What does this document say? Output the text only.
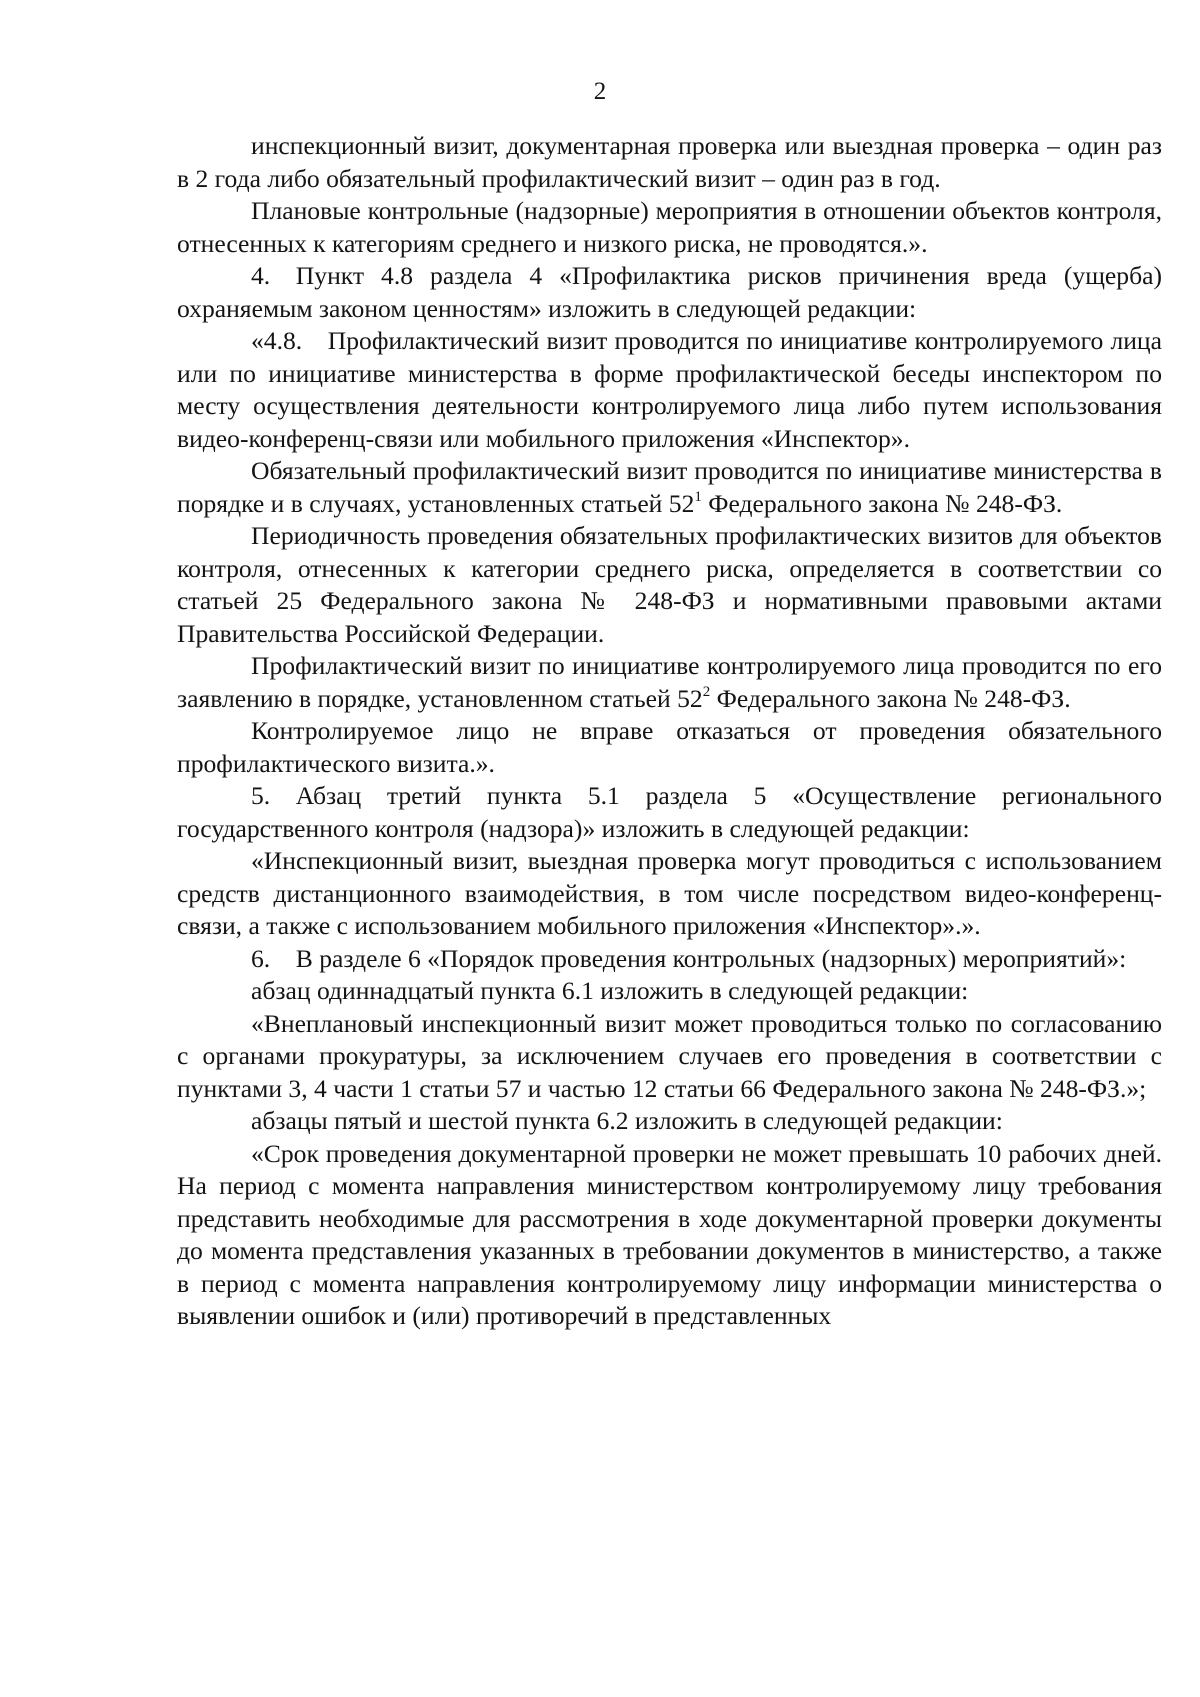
2

инспекционный визит, документарная проверка или выездная проверка – один раз в 2 года либо обязательный профилактический визит – один раз в год.

Плановые контрольные (надзорные) мероприятия в отношении объектов контроля, отнесенных к категориям среднего и низкого риска, не проводятся.».

4. Пункт 4.8 раздела 4 «Профилактика рисков причинения вреда (ущерба) охраняемым законом ценностям» изложить в следующей редакции:

«4.8. Профилактический визит проводится по инициативе контролируемого лица или по инициативе министерства в форме профилактической беседы инспектором по месту осуществления деятельности контролируемого лица либо путем использования видео-конференц-связи или мобильного приложения «Инспектор».

Обязательный профилактический визит проводится по инициативе министерства в порядке и в случаях, установленных статьей $52^1$ Федерального закона № 248-ФЗ.

Периодичность проведения обязательных профилактических визитов для объектов контроля, отнесенных к категории среднего риска, определяется в соответствии со статьей 25 Федерального закона № 248-ФЗ и нормативными правовыми актами Правительства Российской Федерации.

Профилактический визит по инициативе контролируемого лица проводится по его заявлению в порядке, установленном статьей $52^2$ Федерального закона № 248-ФЗ.

Контролируемое лицо не вправе отказаться от проведения обязательного профилактического визита.».

5. Абзац третий пункта 5.1 раздела 5 «Осуществление регионального государственного контроля (надзора)» изложить в следующей редакции:

«Инспекционный визит, выездная проверка могут проводиться с использованием средств дистанционного взаимодействия, в том числе посредством видео-конференц-связи, а также с использованием мобильного приложения «Инспектор».».

6. В разделе 6 «Порядок проведения контрольных (надзорных) мероприятий»:

абзац одиннадцатый пункта 6.1 изложить в следующей редакции:

«Внеплановый инспекционный визит может проводиться только по согласованию с органами прокуратуры, за исключением случаев его проведения в соответствии с пунктами 3, 4 части 1 статьи 57 и частью 12 статьи 66 Федерального закона № 248-ФЗ.»;

абзацы пятый и шестой пункта 6.2 изложить в следующей редакции:

«Срок проведения документарной проверки не может превышать 10 рабочих дней. На период с момента направления министерством контролируемому лицу требования представить необходимые для рассмотрения в ходе документарной проверки документы до момента представления указанных в требовании документов в министерство, а также в период с момента направления контролируемому лицу информации министерства о выявлении ошибок и (или) противоречий в представленных
